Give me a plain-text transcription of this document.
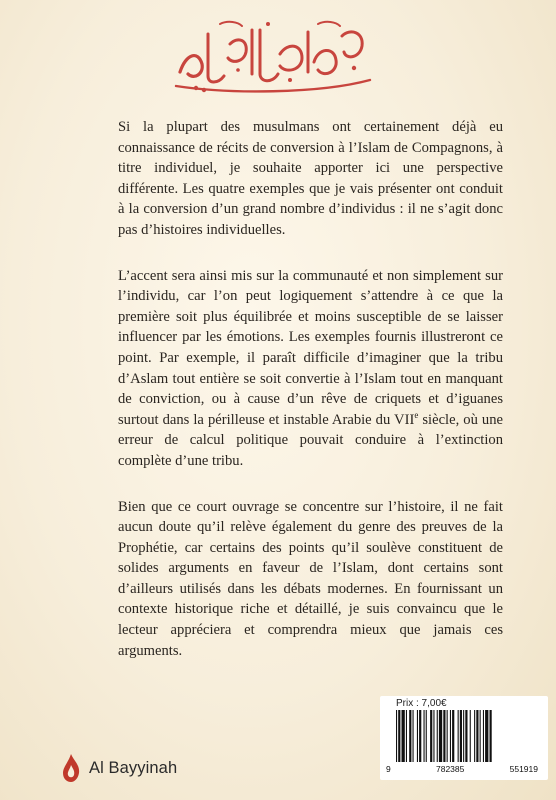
Si la plupart des musulmans ont certainement déjà eu connaissance de récits de conversion à l’Islam de Compagnons, à titre individuel, je souhaite apporter ici une perspective différente. Les quatre exemples que je vais présenter ont conduit à la conversion d’un grand nombre d’individus : il ne s’agit donc pas d’histoires individuelles.

L’accent sera ainsi mis sur la communauté et non simplement sur l’individu, car l’on peut logiquement s’attendre à ce que la première soit plus équilibrée et moins susceptible de se laisser influencer par les émotions. Les exemples fournis illustreront ce point. Par exemple, il paraît difficile d’imaginer que la tribu d’Aslam tout entière se soit convertie à l’Islam tout en manquant de conviction, ou à cause d’un rêve de criquets et d’iguanes surtout dans la périlleuse et instable Arabie du VIIe siècle, où une erreur de calcul politique pouvait conduire à l’extinction complète d’une tribu.

Bien que ce court ouvrage se concentre sur l’histoire, il ne fait aucun doute qu’il relève également du genre des preuves de la Prophétie, car certains des points qu’il soulève constituent de solides arguments en faveur de l’Islam, dont certains sont d’ailleurs utilisés dans les débats modernes. En fournissant un contexte historique riche et détaillé, je suis convaincu que le lecteur appréciera et comprendra mieux que jamais ces arguments.

Prix : 7,00€
9	782385	551919
Al Bayyinah
